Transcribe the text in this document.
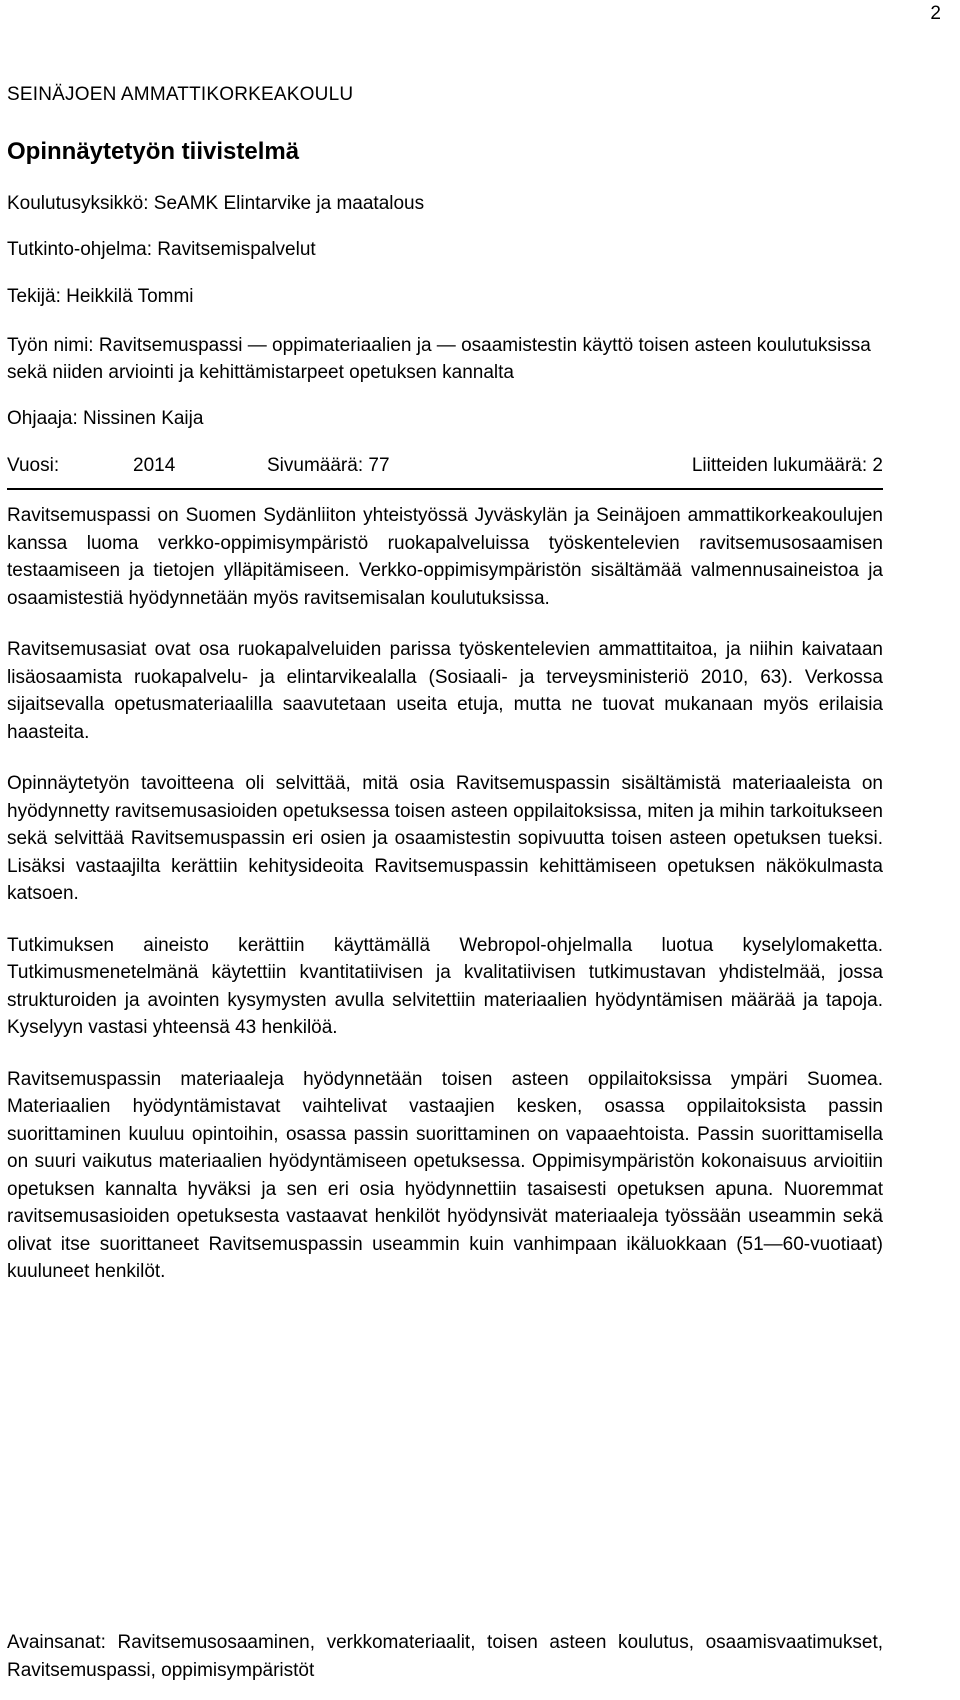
2

SEINÄJOEN AMMATTIKORKEAKOULU

Opinnäytetyön tiivistelmä

Koulutusyksikkö: SeAMK Elintarvike ja maatalous

Tutkinto-ohjelma: Ravitsemispalvelut

Tekijä: Heikkilä Tommi

Työn nimi: Ravitsemuspassi — oppimateriaalien ja — osaamistestin käyttö toisen asteen koulutuksissa sekä niiden arviointi ja kehittämistarpeet opetuksen kannalta

Ohjaaja: Nissinen Kaija

Vuosi:	2014	Sivumäärä: 77	Liitteiden lukumäärä: 2

Ravitsemuspassi on Suomen Sydänliiton yhteistyössä Jyväskylän ja Seinäjoen ammattikorkeakoulujen kanssa luoma verkko-oppimisympäristö ruokapalveluissa työskentelevien ravitsemusosaamisen testaamiseen ja tietojen ylläpitämiseen. Verkko-oppimisympäristön sisältämää valmennusaineistoa ja osaamistestiä hyödynnetään myös ravitsemisalan koulutuksissa.

Ravitsemusasiat ovat osa ruokapalveluiden parissa työskentelevien ammattitaitoa, ja niihin kaivataan lisäosaamista ruokapalvelu- ja elintarvikealalla (Sosiaali- ja terveysministeriö 2010, 63). Verkossa sijaitsevalla opetusmateriaalilla saavutetaan useita etuja, mutta ne tuovat mukanaan myös erilaisia haasteita.

Opinnäytetyön tavoitteena oli selvittää, mitä osia Ravitsemuspassin sisältämistä materiaaleista on hyödynnetty ravitsemusasioiden opetuksessa toisen asteen oppilaitoksissa, miten ja mihin tarkoitukseen sekä selvittää Ravitsemuspassin eri osien ja osaamistestin sopivuutta toisen asteen opetuksen tueksi. Lisäksi vastaajilta kerättiin kehitysideoita Ravitsemuspassin kehittämiseen opetuksen näkökulmasta katsoen.

Tutkimuksen aineisto kerättiin käyttämällä Webropol-ohjelmalla luotua kyselylomaketta. Tutkimusmenetelmänä käytettiin kvantitatiivisen ja kvalitatiivisen tutkimustavan yhdistelmää, jossa strukturoiden ja avointen kysymysten avulla selvitettiin materiaalien hyödyntämisen määrää ja tapoja. Kyselyyn vastasi yhteensä 43 henkilöä.

Ravitsemuspassin materiaaleja hyödynnetään toisen asteen oppilaitoksissa ympäri Suomea. Materiaalien hyödyntämistavat vaihtelivat vastaajien kesken, osassa oppilaitoksista passin suorittaminen kuuluu opintoihin, osassa passin suorittaminen on vapaaehtoista. Passin suorittamisella on suuri vaikutus materiaalien hyödyntämiseen opetuksessa. Oppimisympäristön kokonaisuus arvioitiin opetuksen kannalta hyväksi ja sen eri osia hyödynnettiin tasaisesti opetuksen apuna. Nuoremmat ravitsemusasioiden opetuksesta vastaavat henkilöt hyödynsivät materiaaleja työssään useammin sekä olivat itse suorittaneet Ravitsemuspassin useammin kuin vanhimpaan ikäluokkaan (51—60-vuotiaat) kuuluneet henkilöt.

Avainsanat: Ravitsemusosaaminen, verkkomateriaalit, toisen asteen koulutus, osaamisvaatimukset, Ravitsemuspassi, oppimisympäristöt
